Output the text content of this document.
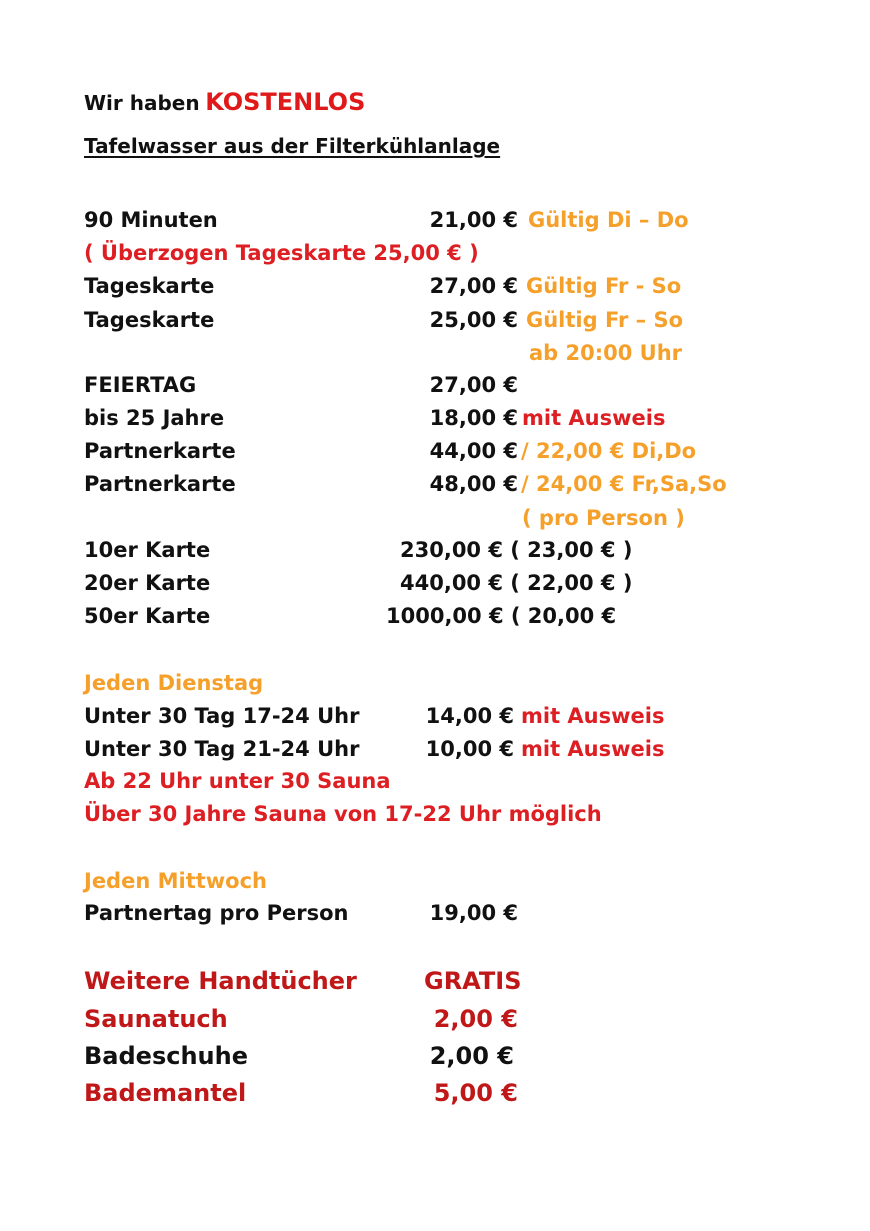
Wir haben KOSTENLOS
Tafelwasser aus der Filterkühlanlage
90 Minuten	21,00 € Gültig Di – Do
( Überzogen Tageskarte 25,00 € )
Tageskarte	27,00 € Gültig Fr - So
Tageskarte	25,00 € Gültig Fr – So
ab 20:00 Uhr
FEIERTAG	27,00 €
bis 25 Jahre	18,00 € mit Ausweis
Partnerkarte	44,00 € / 22,00 € Di,Do
Partnerkarte	48,00 € / 24,00 € Fr,Sa,So
( pro Person )
10er Karte	230,00 € ( 23,00 € )
20er Karte	440,00 € ( 22,00 € )
50er Karte	1000,00 € ( 20,00 €
Jeden Dienstag
Unter 30 Tag 17-24 Uhr	14,00 € mit Ausweis
Unter 30 Tag 21-24 Uhr	10,00 € mit Ausweis
Ab 22 Uhr unter 30 Sauna
Über 30 Jahre Sauna von 17-22 Uhr möglich
Jeden Mittwoch
Partnertag pro Person	19,00 €
Weitere Handtücher	GRATIS
Saunatuch	2,00 €
Badeschuhe	2,00 €
Bademantel	5,00 €
